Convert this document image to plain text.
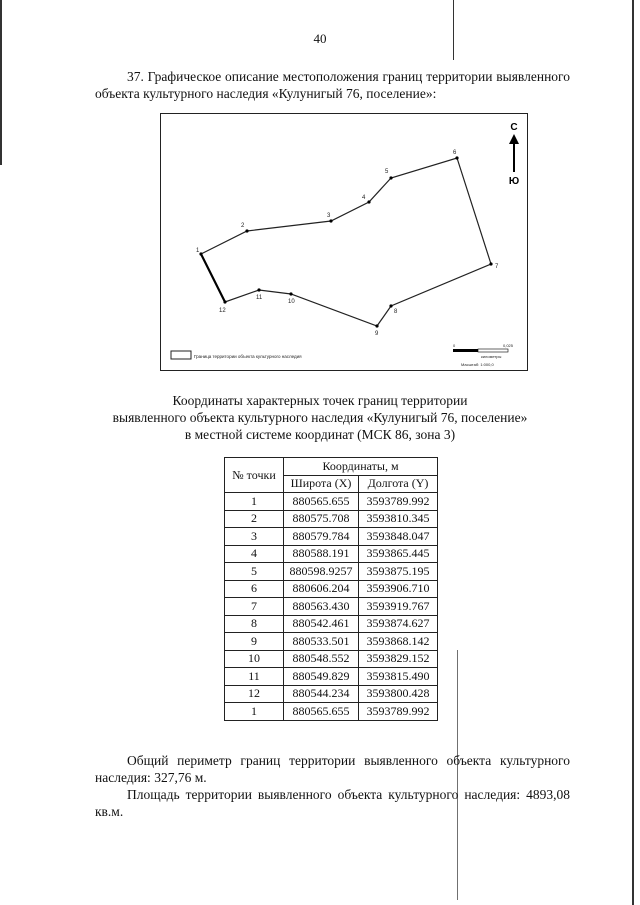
40
37. Графическое описание местоположения границ территории выявленного объекта культурного наследия «Кулунигый 76, поселение»:
1
2
3
4
5
6
7
8
9
10
11
12
С
Ю
Граница территории объекта культурного наследия
0	0,025
километры
Масштаб: 1:000,0
Координаты характерных точек границ территории
выявленного объекта культурного наследия «Кулунигый 76, поселение»
в местной системе координат (МСК 86, зона 3)
№ точки	Координаты, м	
	Широта (X)	Долгота (Y)
1	880565.655	3593789.992
2	880575.708	3593810.345
3	880579.784	3593848.047
4	880588.191	3593865.445
5	880598.9257	3593875.195
6	880606.204	3593906.710
7	880563.430	3593919.767
8	880542.461	3593874.627
9	880533.501	3593868.142
10	880548.552	3593829.152
11	880549.829	3593815.490
12	880544.234	3593800.428
1	880565.655	3593789.992
Общий периметр границ территории выявленного объекта культурного наследия: 327,76 м.
Площадь территории выявленного объекта культурного наследия: 4893,08 кв.м.
